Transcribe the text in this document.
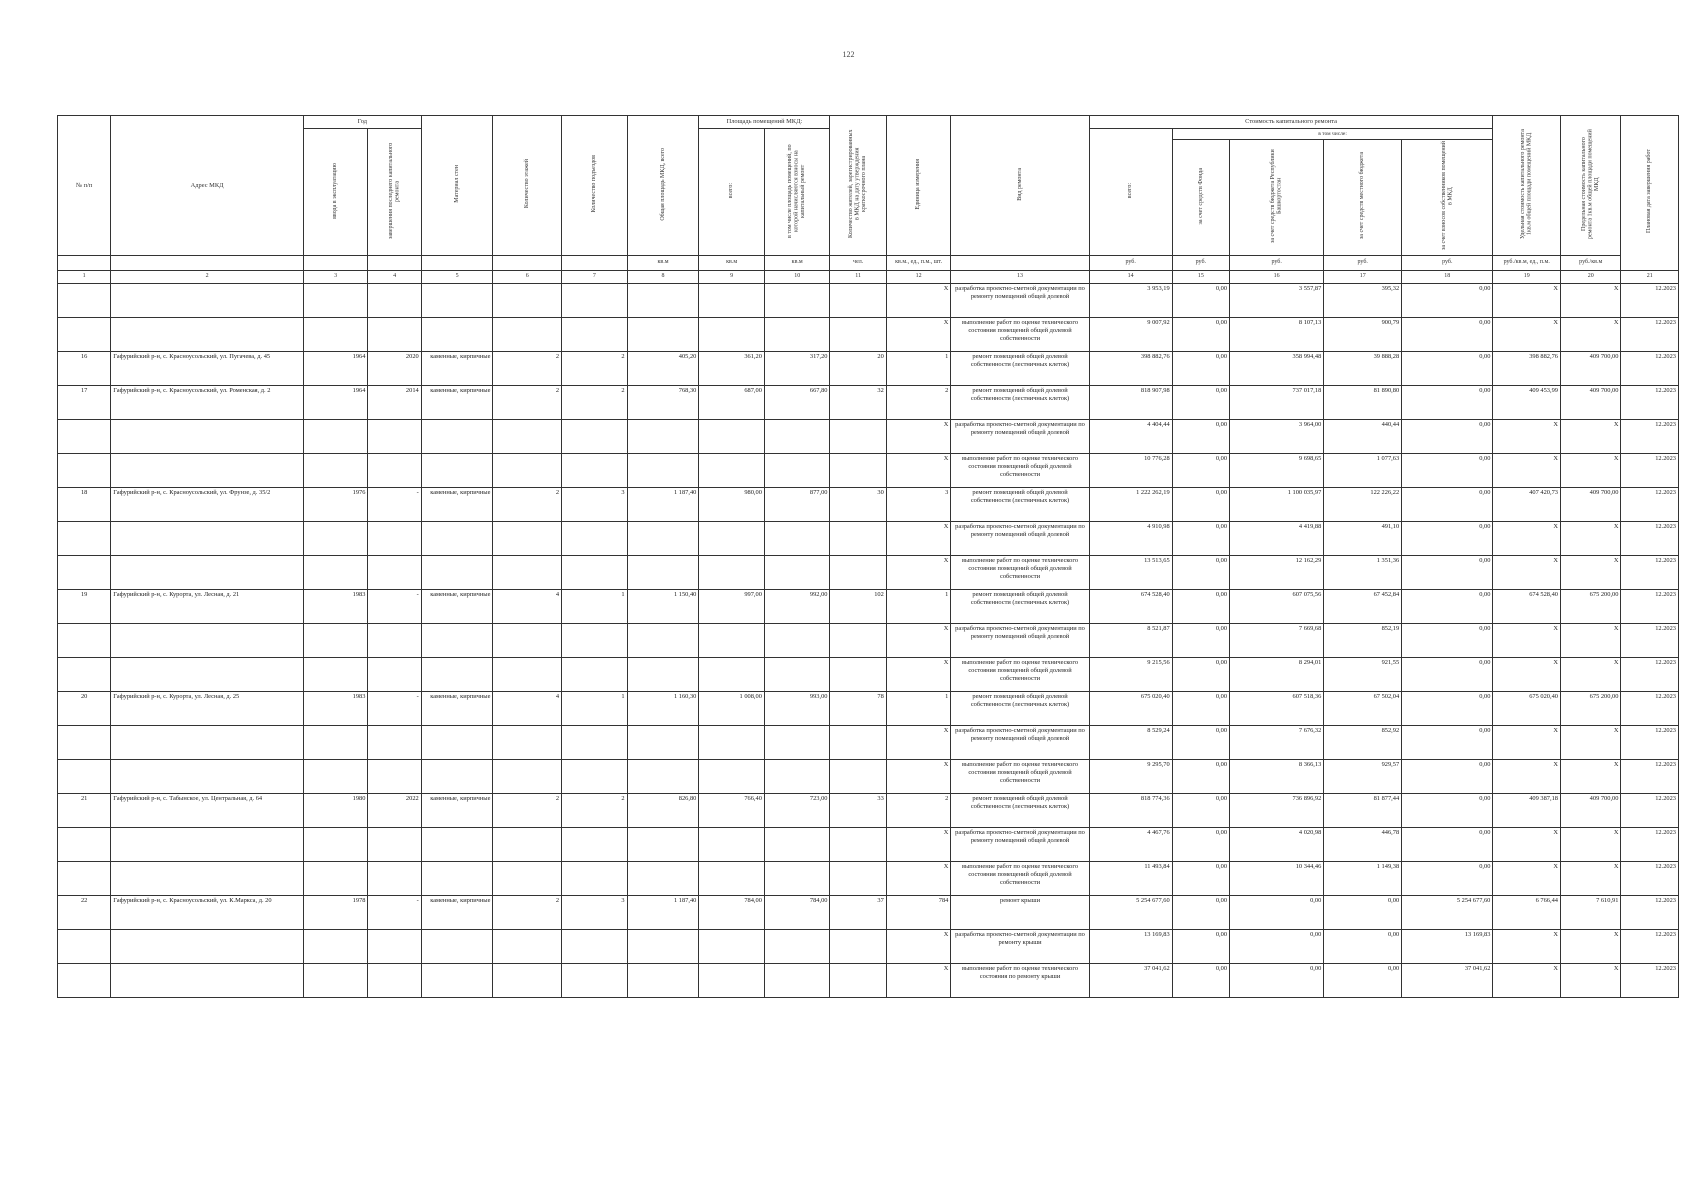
122
№ п/п	Адрес МКД	Год		Материал стен	Количество этажей	Количество подъездов	Общая площадь МКД, всего	Площадь помещений МКД:		Количество жителей, зарегистрированных в МКД на дату утверждения краткосрочного плана	Единица измерения	Вид ремонта	Стоимость капитального ремонта					Удельная стоимость капитального ремонта 1кв.м общей площади помещений МКД	Предельная стоимость капитального ремонта 1кв.м общей площади помещений МКД	Плановая дата завершения работ
		ввода в эксплуатацию	завершения последнего капитального ремонта					всего:	в том числе площадь помещений, по которой начисляются взносы на капитальный ремонт				всего:	в том числе:						
														за счет средств Фонда	за счет средств бюджета Республики Башкортостан	за счет средств местного бюджета	за счет взносов собственников помещений в МКД			
							кв.м	кв.м	кв.м	чел.	кв.м., ед., п.м., шт.		руб.	руб.	руб.	руб.	руб.	руб./кв.м, ед., п.м.	руб./кв.м	
1	2	3	4	5	6	7	8	9	10	11	12	13	14	15	16	17	18	19	20	21
											X	разработка проектно-сметной документации по ремонту помещений общей долевой	3 953,19	0,00	3 557,87	395,32	0,00	X	X	12.2023
											X	выполнение работ по оценке технического состояния помещений общей долевой собственности	9 007,92	0,00	8 107,13	900,79	0,00	X	X	12.2023
16	Гафурийский р-н, с. Красноусольский, ул. Пугачева, д. 45	1964	2020	каменные, кирпичные	2	2	405,20	361,20	317,20	20	1	ремонт помещений общей долевой собственности (лестничных клеток)	398 882,76	0,00	358 994,48	39 888,28	0,00	398 882,76	409 700,00	12.2023
17	Гафурийский р-н, с. Красноусольский, ул. Роменская, д. 2	1964	2014	каменные, кирпичные	2	2	768,30	687,00	667,80	32	2	ремонт помещений общей долевой собственности (лестничных клеток)	818 907,98	0,00	737 017,18	81 890,80	0,00	409 453,99	409 700,00	12.2023
											X	разработка проектно-сметной документации по ремонту помещений общей долевой	4 404,44	0,00	3 964,00	440,44	0,00	X	X	12.2023
											X	выполнение работ по оценке технического состояния помещений общей долевой собственности	10 776,28	0,00	9 698,65	1 077,63	0,00	X	X	12.2023
18	Гафурийский р-н, с. Красноусольский, ул. Фрунзе, д. 35/2	1976	-	каменные, кирпичные	2	3	1 187,40	980,00	877,00	30	3	ремонт помещений общей долевой собственности (лестничных клеток)	1 222 262,19	0,00	1 100 035,97	122 226,22	0,00	407 420,73	409 700,00	12.2023
											X	разработка проектно-сметной документации по ремонту помещений общей долевой	4 910,98	0,00	4 419,88	491,10	0,00	X	X	12.2023
											X	выполнение работ по оценке технического состояния помещений общей долевой собственности	13 513,65	0,00	12 162,29	1 351,36	0,00	X	X	12.2023
19	Гафурийский р-н, с. Курорта, ул. Лесная, д. 21	1983	-	каменные, кирпичные	4	1	1 150,40	997,00	992,00	102	1	ремонт помещений общей долевой собственности (лестничных клеток)	674 528,40	0,00	607 075,56	67 452,84	0,00	674 528,40	675 200,00	12.2023
											X	разработка проектно-сметной документации по ремонту помещений общей долевой	8 521,87	0,00	7 669,68	852,19	0,00	X	X	12.2023
											X	выполнение работ по оценке технического состояния помещений общей долевой собственности	9 215,56	0,00	8 294,01	921,55	0,00	X	X	12.2023
20	Гафурийский р-н, с. Курорта, ул. Лесная, д. 25	1983	-	каменные, кирпичные	4	1	1 160,30	1 008,00	993,00	78	1	ремонт помещений общей долевой собственности (лестничных клеток)	675 020,40	0,00	607 518,36	67 502,04	0,00	675 020,40	675 200,00	12.2023
											X	разработка проектно-сметной документации по ремонту помещений общей долевой	8 529,24	0,00	7 676,32	852,92	0,00	X	X	12.2023
											X	выполнение работ по оценке технического состояния помещений общей долевой собственности	9 295,70	0,00	8 366,13	929,57	0,00	X	X	12.2023
21	Гафурийский р-н, с. Табынское, ул. Центральная, д. 64	1980	2022	каменные, кирпичные	2	2	826,80	766,40	723,00	33	2	ремонт помещений общей долевой собственности (лестничных клеток)	818 774,36	0,00	736 896,92	81 877,44	0,00	409 387,18	409 700,00	12.2023
											X	разработка проектно-сметной документации по ремонту помещений общей долевой	4 467,76	0,00	4 020,98	446,78	0,00	X	X	12.2023
											X	выполнение работ по оценке технического состояния помещений общей долевой собственности	11 493,84	0,00	10 344,46	1 149,38	0,00	X	X	12.2023
22	Гафурийский р-н, с. Красноусольский, ул. К.Маркса, д. 20	1978	-	каменные, кирпичные	2	3	1 187,40	784,00	784,00	37	784	ремонт крыши	5 254 677,60	0,00	0,00	0,00	5 254 677,60	6 766,44	7 610,91	12.2023
											X	разработка проектно-сметной документации по ремонту крыши	13 169,83	0,00	0,00	0,00	13 169,83	X	X	12.2023
											X	выполнение работ по оценке технического состояния по ремонту крыши	37 041,62	0,00	0,00	0,00	37 041,62	X	X	12.2023
